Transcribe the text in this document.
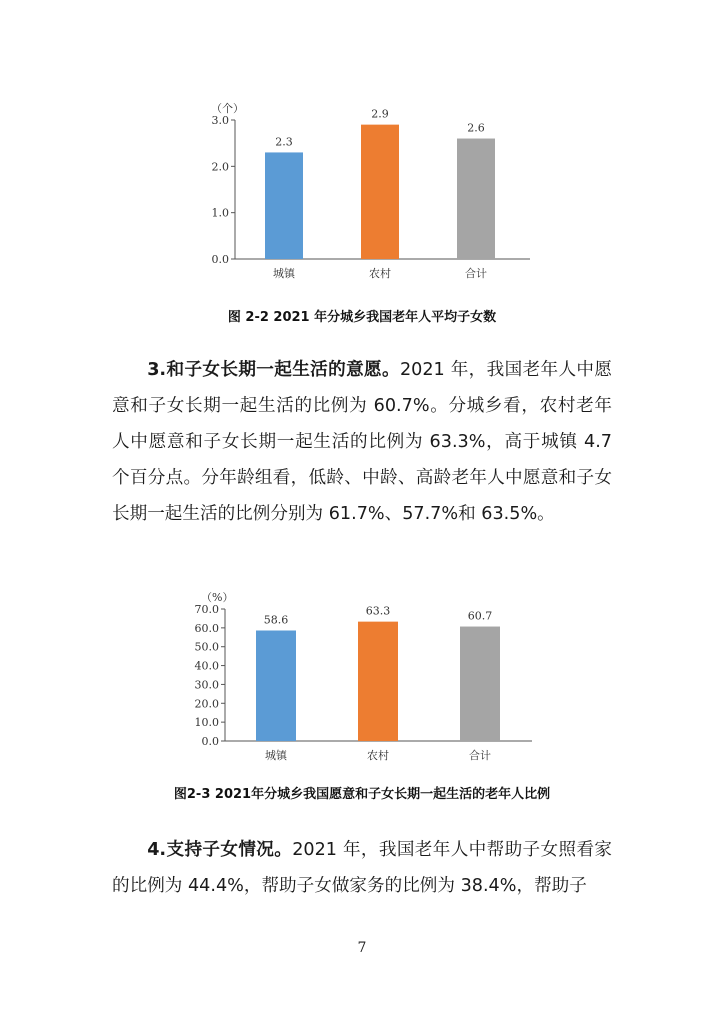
（个）
0.0
1.0
2.0
3.0
2.3
城镇
2.9
农村
2.6
合计
图 2-2 2021 年分城乡我国老年人平均子女数

3.和子女长期一起生活的意愿。2021 年，我国老年人中愿意和子女长期一起生活的比例为 60.7%。分城乡看，农村老年人中愿意和子女长期一起生活的比例为 63.3%，高于城镇 4.7 个百分点。分年龄组看，低龄、中龄、高龄老年人中愿意和子女长期一起生活的比例分别为 61.7%、57.7%和 63.5%。

（%）
0.0
10.0
20.0
30.0
40.0
50.0
60.0
70.0
58.6
城镇
63.3
农村
60.7
合计
图2-3 2021年分城乡我国愿意和子女长期一起生活的老年人比例

4.支持子女情况。2021 年，我国老年人中帮助子女照看家的比例为 44.4%，帮助子女做家务的比例为 38.4%，帮助子

7
